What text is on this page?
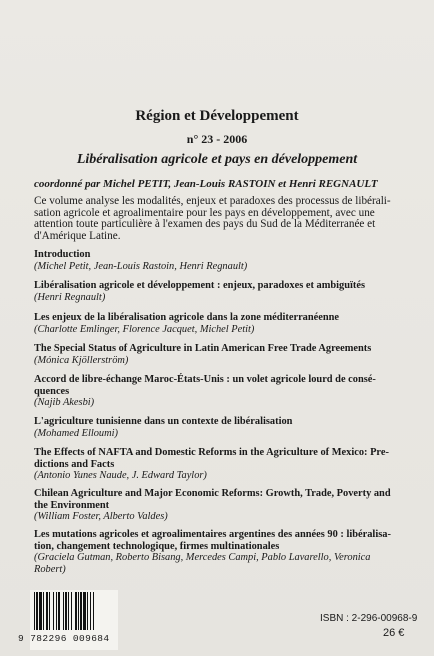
Région et Développement
n° 23 - 2006
Libéralisation agricole et pays en développement
coordonné par Michel PETIT, Jean-Louis RASTOIN et Henri REGNAULT
Ce volume analyse les modalités, enjeux et paradoxes des processus de libérali-
sation agricole et agroalimentaire pour les pays en développement, avec une
attention toute particulière à l'examen des pays du Sud de la Méditerranée et
d'Amérique Latine.
Introduction
(Michel Petit, Jean-Louis Rastoin, Henri Regnault)
Libéralisation agricole et développement : enjeux, paradoxes et ambiguïtés
(Henri Regnault)
Les enjeux de la libéralisation agricole dans la zone méditerranéenne
(Charlotte Emlinger, Florence Jacquet, Michel Petit)
The Special Status of Agriculture in Latin American Free Trade Agreements
(Mónica Kjöllerström)
Accord de libre-échange Maroc-États-Unis : un volet agricole lourd de consé-
quences
(Najib Akesbi)
L'agriculture tunisienne dans un contexte de libéralisation
(Mohamed Elloumi)
The Effects of NAFTA and Domestic Reforms in the Agriculture of Mexico: Pre-
dictions and Facts
(Antonio Yunes Naude, J. Edward Taylor)
Chilean Agriculture and Major Economic Reforms: Growth, Trade, Poverty and
the Environment
(William Foster, Alberto Valdes)
Les mutations agricoles et agroalimentaires argentines des années 90 : libéralisa-
tion, changement technologique, firmes multinationales
(Graciela Gutman, Roberto Bisang, Mercedes Campi, Pablo Lavarello, Veronica
Robert)
9 782296 009684
ISBN : 2-296-00968-9
26 €
